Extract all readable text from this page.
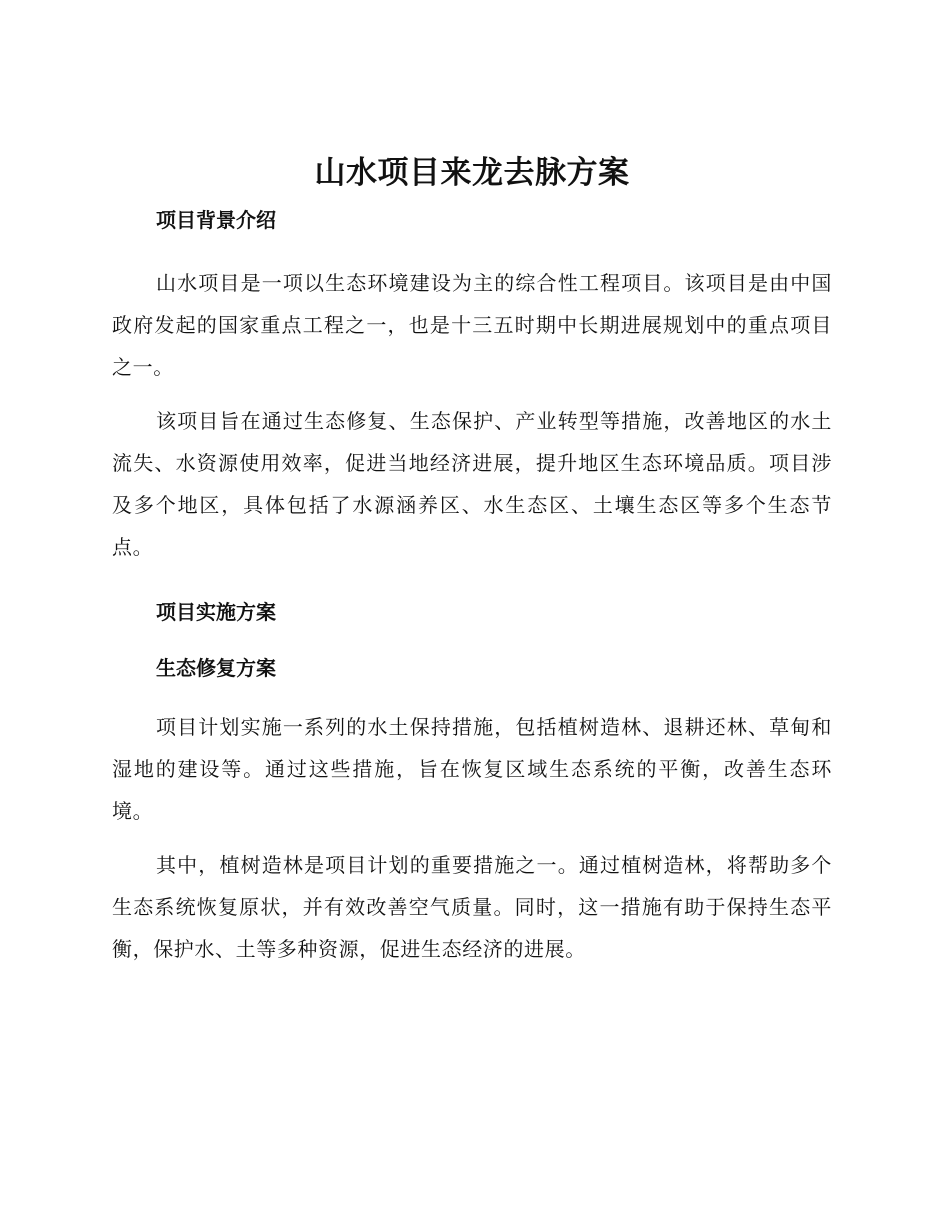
山水项目来龙去脉方案
项目背景介绍

山水项目是一项以生态环境建设为主的综合性工程项目。该项目是由中国政府发起的国家重点工程之一，也是十三五时期中长期进展规划中的重点项目之一。

该项目旨在通过生态修复、生态保护、产业转型等措施，改善地区的水土流失、水资源使用效率，促进当地经济进展，提升地区生态环境品质。项目涉及多个地区，具体包括了水源涵养区、水生态区、土壤生态区等多个生态节点。

项目实施方案
生态修复方案

项目计划实施一系列的水土保持措施，包括植树造林、退耕还林、草甸和湿地的建设等。通过这些措施，旨在恢复区域生态系统的平衡，改善生态环境。

其中，植树造林是项目计划的重要措施之一。通过植树造林，将帮助多个生态系统恢复原状，并有效改善空气质量。同时，这一措施有助于保持生态平衡，保护水、土等多种资源，促进生态经济的进展。
